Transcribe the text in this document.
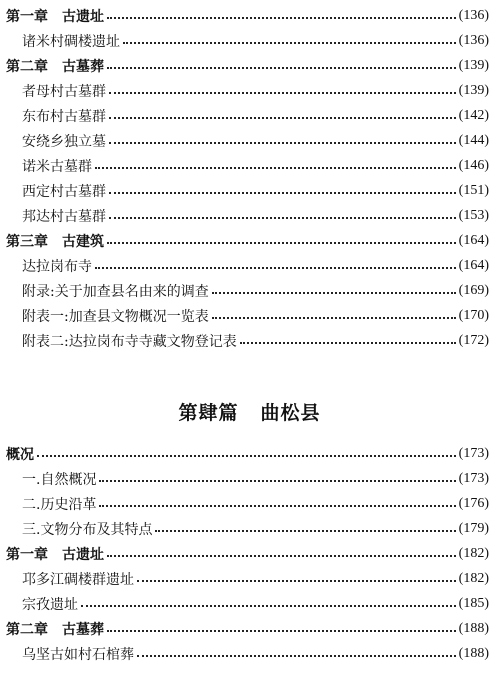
第一章　古遗址	(136)
诸米村碉楼遗址	(136)
第二章　古墓葬	(139)
者母村古墓群	(139)
东布村古墓群	(142)
安绕乡独立墓	(144)
诺米古墓群	(146)
西定村古墓群	(151)
邦达村古墓群	(153)
第三章　古建筑	(164)
达拉岗布寺	(164)
附录:关于加查县名由来的调查	(169)
附表一:加查县文物概况一览表	(170)
附表二:达拉岗布寺寺藏文物登记表	(172)
第肆篇 曲松县
概况	(173)
一.自然概况	(173)
二.历史沿革	(176)
三.文物分布及其特点	(179)
第一章　古遗址	(182)
邛多江碉楼群遗址	(182)
宗孜遗址	(185)
第二章　古墓葬	(188)
乌坚古如村石棺葬	(188)
